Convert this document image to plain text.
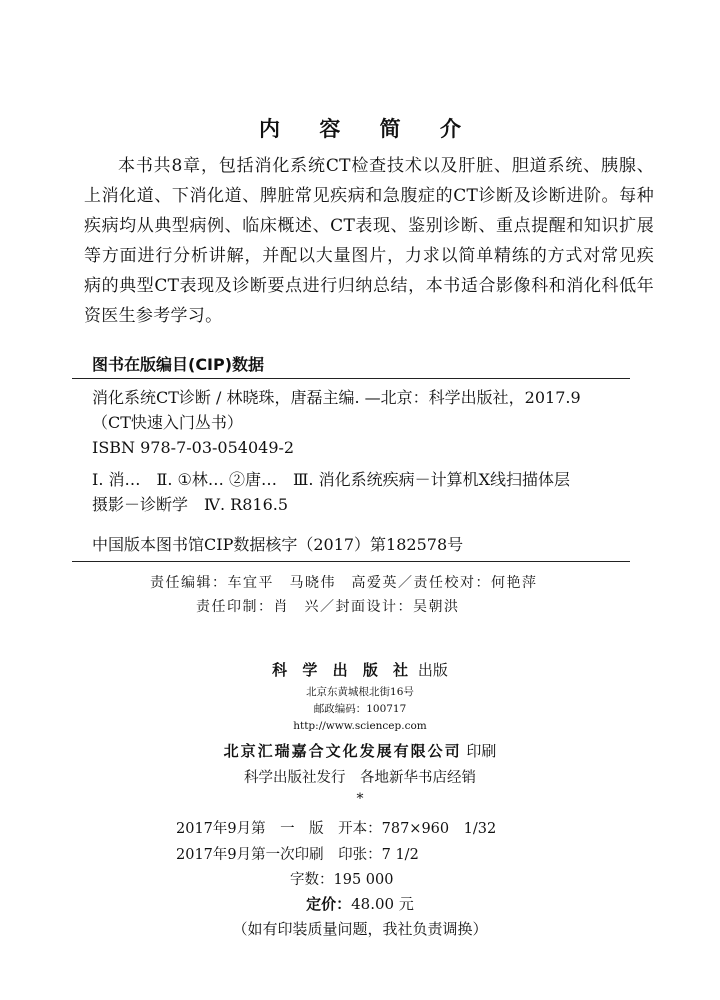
内 容 简 介

本书共8章，包括消化系统CT检查技术以及肝脏、胆道系统、胰腺、上消化道、下消化道、脾脏常见疾病和急腹症的CT诊断及诊断进阶。每种疾病均从典型病例、临床概述、CT表现、鉴别诊断、重点提醒和知识扩展等方面进行分析讲解，并配以大量图片，力求以简单精练的方式对常见疾病的典型CT表现及诊断要点进行归纳总结，本书适合影像科和消化科低年资医生参考学习。

图书在版编目(CIP)数据
消化系统CT诊断 / 林晓珠，唐磊主编. —北京：科学出版社，2017.9
（CT快速入门丛书）
ISBN 978-7-03-054049-2
Ⅰ. 消…　Ⅱ. ①林… ②唐…　Ⅲ. 消化系统疾病－计算机X线扫描体层
摄影－诊断学　Ⅳ. R816.5
中国版本图书馆CIP数据核字（2017）第182578号
责任编辑：车宜平　马晓伟　高爱英／责任校对：何艳萍
责任印制：肖　兴／封面设计：吴朝洪
科 学 出 版 社 出版
北京东黄城根北街16号
邮政编码：100717
http://www.sciencep.com
北京汇瑞嘉合文化发展有限公司 印刷
科学出版社发行　各地新华书店经销
*
2017年9月第　一　版　开本：787×960　1/32
2017年9月第一次印刷　印张：7 1/2
字数：195 000
定价：48.00 元
（如有印装质量问题，我社负责调换）
